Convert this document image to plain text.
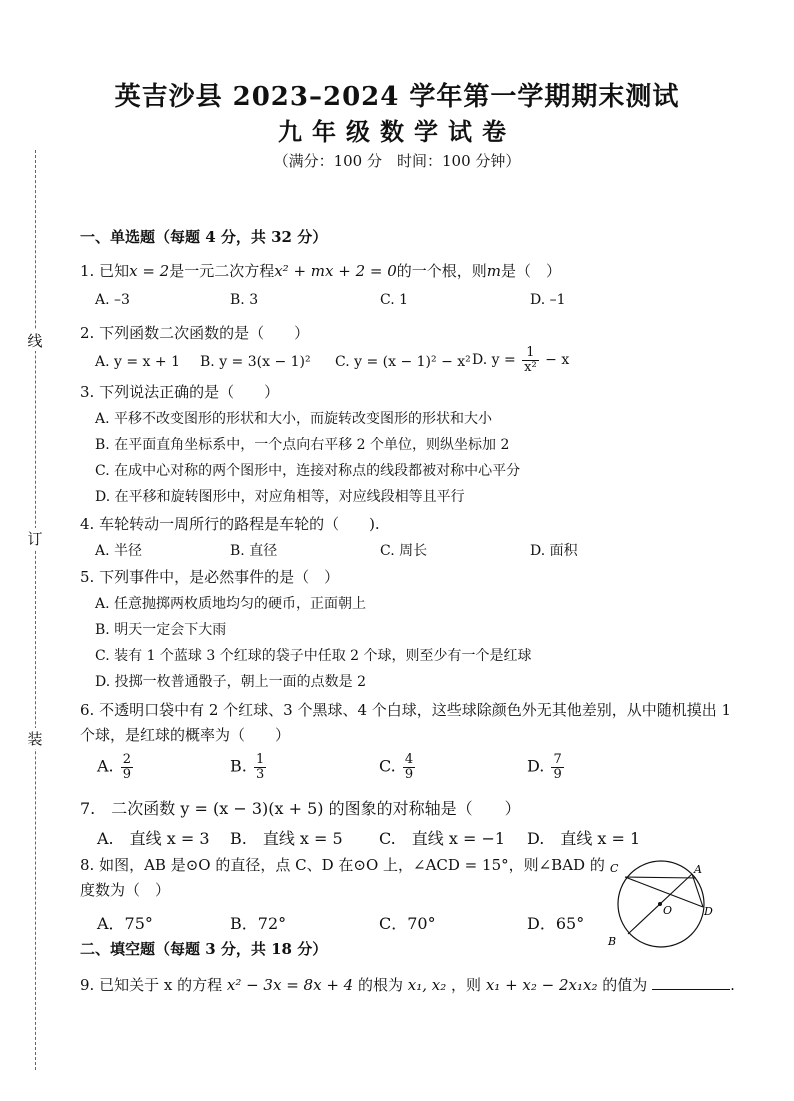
线
订
装
英吉沙县 2023–2024 学年第一学期期末测试
九年级数学试卷
（满分：100 分　时间：100 分钟）
一、单选题（每题 4 分，共 32 分）
1. 已知x = 2是一元二次方程x² + mx + 2 = 0的一个根，则m是（　）
A. –3	B. 3	C. 1	D. –1
2. 下列函数二次函数的是（　　）
A. y = x + 1 B. y = 3(x − 1)² C. y = (x − 1)² − x² D. $y = \frac{1}{\text{x²}} - x$
3. 下列说法正确的是（　　）
A. 平移不改变图形的形状和大小，而旋转改变图形的形状和大小
B. 在平面直角坐标系中，一个点向右平移 2 个单位，则纵坐标加 2
C. 在成中心对称的两个图形中，连接对称点的线段都被对称中心平分
D. 在平移和旋转图形中，对应角相等，对应线段相等且平行
4. 车轮转动一周所行的路程是车轮的（　　).
A. 半径	B. 直径	C. 周长	D. 面积
5. 下列事件中，是必然事件的是（　）
A. 任意抛掷两枚质地均匀的硬币，正面朝上
B. 明天一定会下大雨
C. 装有 1 个蓝球 3 个红球的袋子中任取 2 个球，则至少有一个是红球
D. 投掷一枚普通骰子，朝上一面的点数是 2
6. 不透明口袋中有 2 个红球、3 个黑球、4 个白球，这些球除颜色外无其他差别，从中随机摸出 1
个球，是红球的概率为（　　）
A. $\frac{2}{9}$	B. $\frac{1}{3}$	C. $\frac{4}{9}$	D. $\frac{7}{9}$
7.　二次函数 y = (x − 3)(x + 5) 的图象的对称轴是（　　）
A.　直线 x = 3 B.　直线 x = 5 C.　直线 x = −1 D.　直线 x = 1
8. 如图，AB 是⊙O 的直径，点 C、D 在⊙O 上，∠ACD = 15°，则∠BAD 的
度数为（　）
A．75°	B．72°	C．70°	D．65°
C	A
O	D
B
二、填空题（每题 3 分，共 18 分）
9. 已知关于 x 的方程 x² − 3x = 8x + 4 的根为 x₁, x₂ ，则 x₁ + x₂ − 2x₁x₂ 的值为	.
